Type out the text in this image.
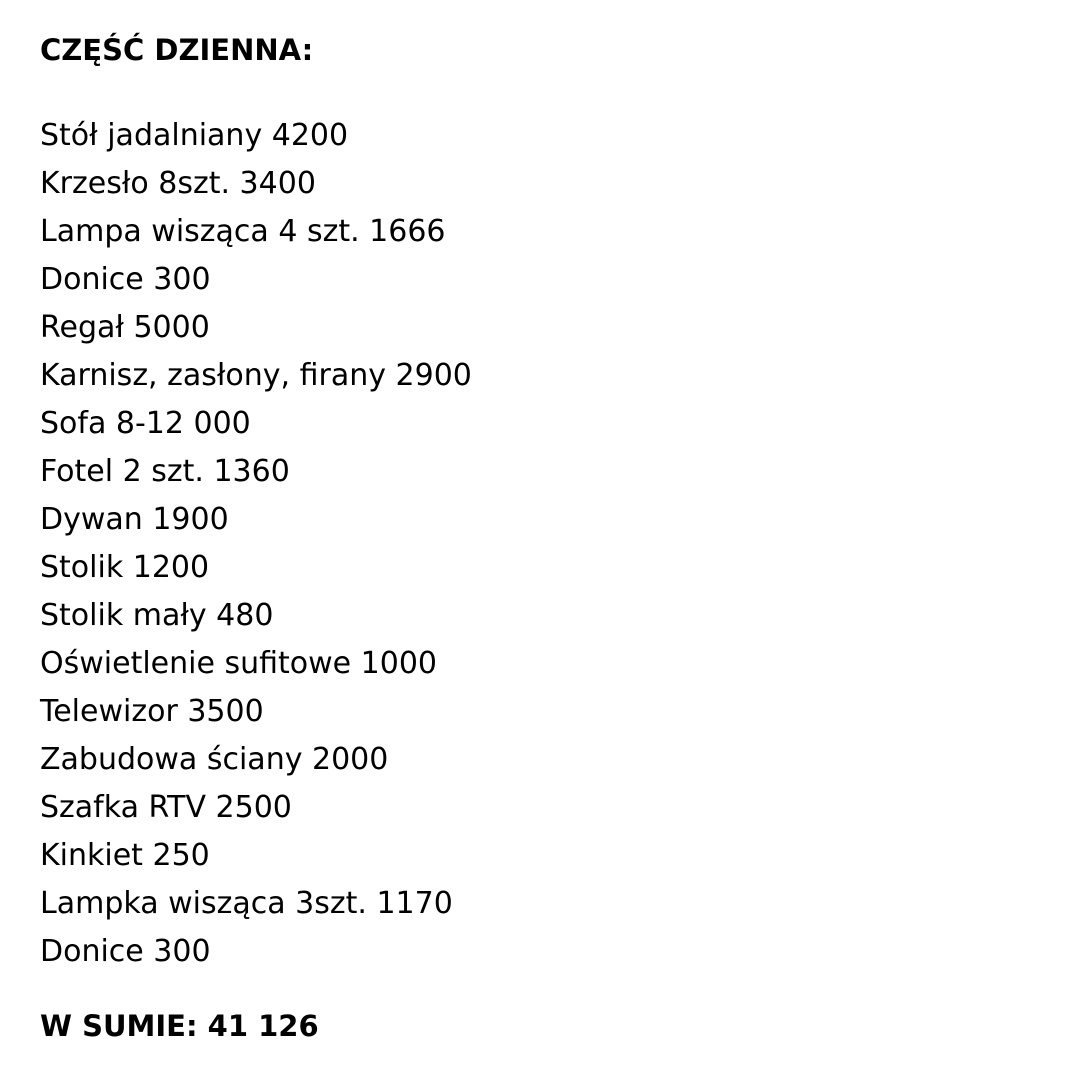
CZĘŚĆ DZIENNA:
Stół jadalniany 4200
Krzesło 8szt. 3400
Lampa wisząca 4 szt. 1666
Donice 300
Regał 5000
Karnisz, zasłony, firany 2900
Sofa 8-12 000
Fotel 2 szt. 1360
Dywan 1900
Stolik 1200
Stolik mały 480
Oświetlenie sufitowe 1000
Telewizor 3500
Zabudowa ściany 2000
Szafka RTV 2500
Kinkiet 250
Lampka wisząca 3szt. 1170
Donice 300
W SUMIE: 41 126
